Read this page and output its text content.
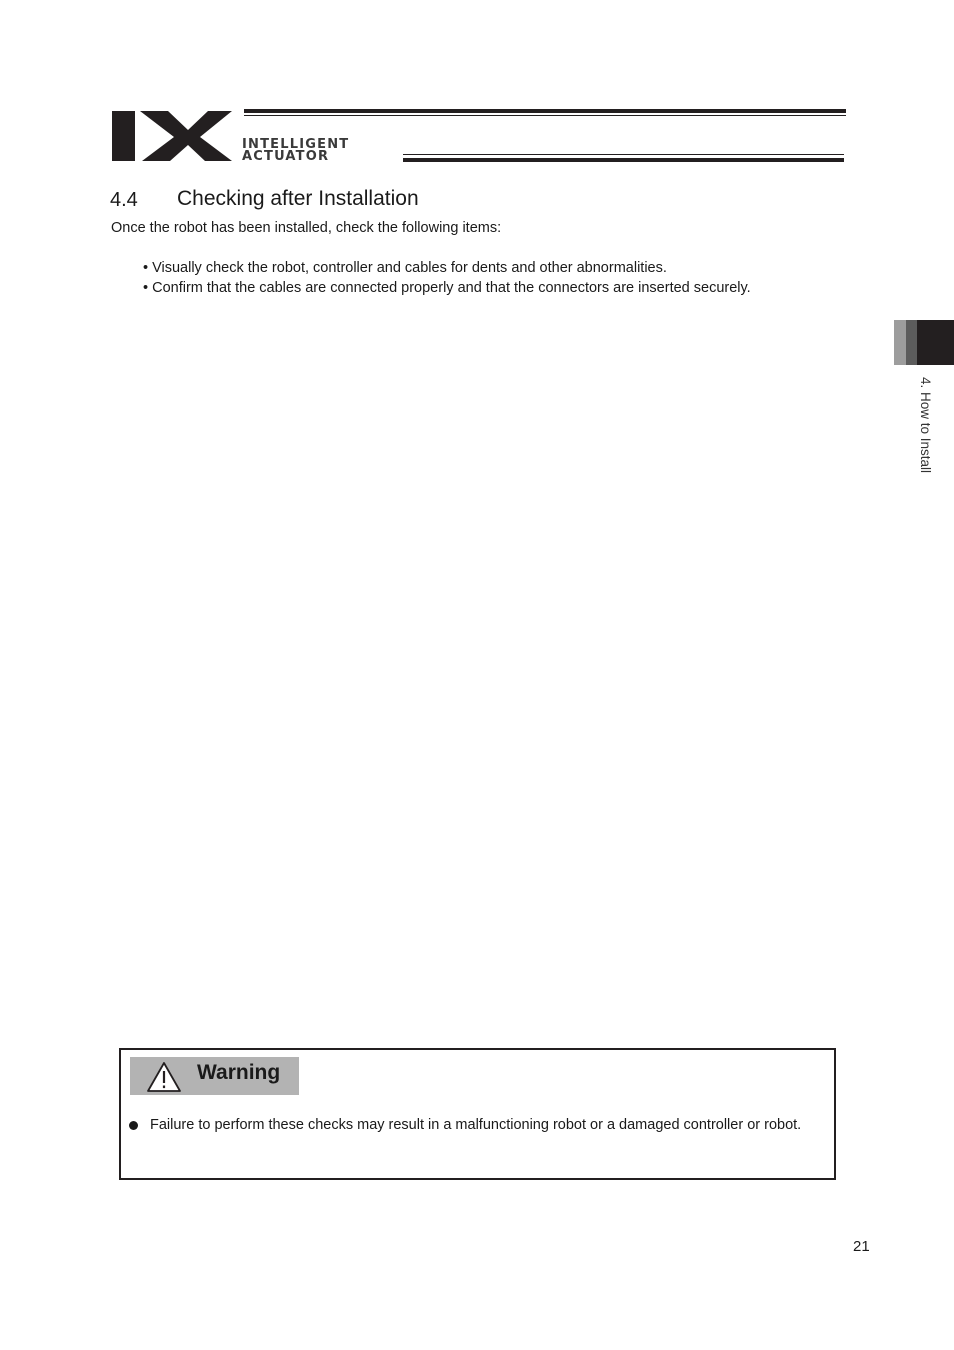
INTELLIGENT
ACTUATOR
4.4 Checking after Installation
Once the robot has been installed, check the following items:
• Visually check the robot, controller and cables for dents and other abnormalities.
• Confirm that the cables are connected properly and that the connectors are inserted securely.
4. How to Install
Warning
Failure to perform these checks may result in a malfunctioning robot or a damaged controller or robot.
21
